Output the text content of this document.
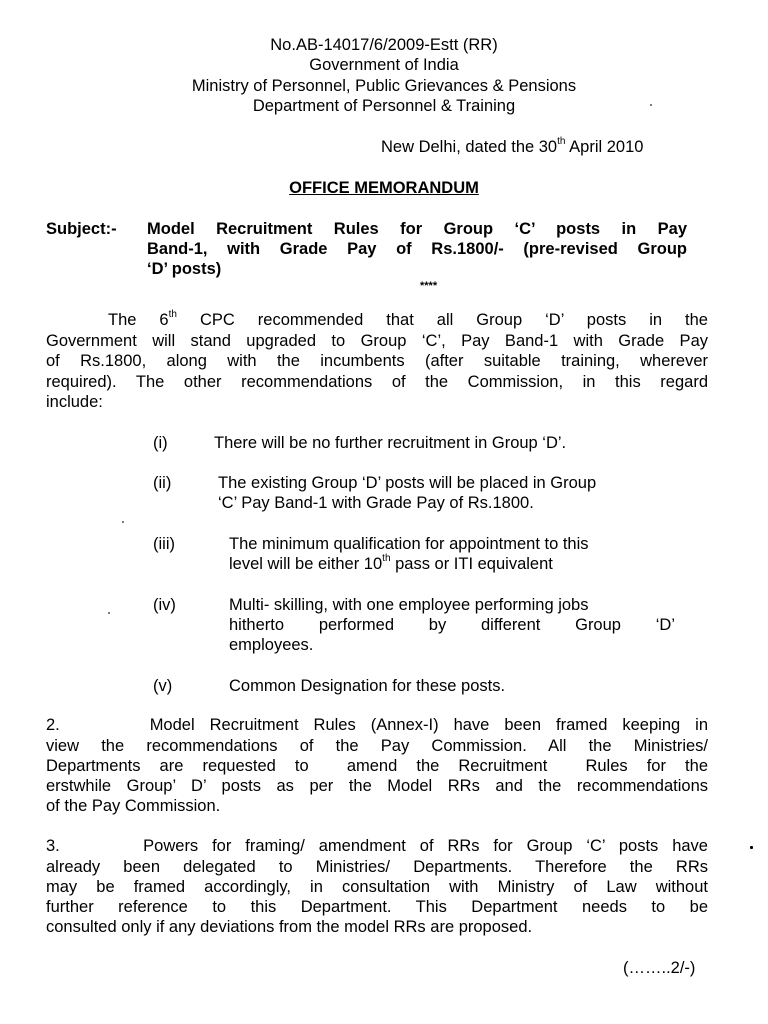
No.AB-14017/6/2009-Estt (RR)
Government of India
Ministry of Personnel, Public Grievances & Pensions
Department of Personnel & Training
New Delhi, dated the 30th April 2010
OFFICE MEMORANDUM
Subject:- Model Recruitment Rules for Group ‘C’ posts in Pay
Band-1, with Grade Pay of Rs.1800/- (pre-revised Group
‘D’ posts)
****
The 6th CPC recommended that all Group ‘D’ posts in the
Government will stand upgraded to Group ‘C’, Pay Band-1 with Grade Pay
of Rs.1800, along with the incumbents (after suitable training, wherever
required). The other recommendations of the Commission, in this regard
include:
(i)	There will be no further recruitment in Group ‘D’.
(ii)	The existing Group ‘D’ posts will be placed in Group
‘C’ Pay Band-1 with Grade Pay of Rs.1800.
(iii)	The minimum qualification for appointment to this
level will be either 10th pass or ITI equivalent
(iv)	Multi- skilling, with one employee performing jobs
hitherto performed by different Group ‘D’
employees.
(v)	Common Designation for these posts.
2.      Model Recruitment Rules (Annex-I) have been framed keeping in
view the recommendations of the Pay Commission. All the Ministries/
Departments are requested to  amend the Recruitment  Rules for the
erstwhile Group’ D’ posts as per the Model RRs and the recommendations
of the Pay Commission.
3.      Powers for framing/ amendment of RRs for Group ‘C’ posts have
already been delegated to Ministries/ Departments. Therefore the RRs
may be framed accordingly, in consultation with Ministry of Law without
further reference to this Department. This Department needs to be
consulted only if any deviations from the model RRs are proposed.
(……..2/-)
